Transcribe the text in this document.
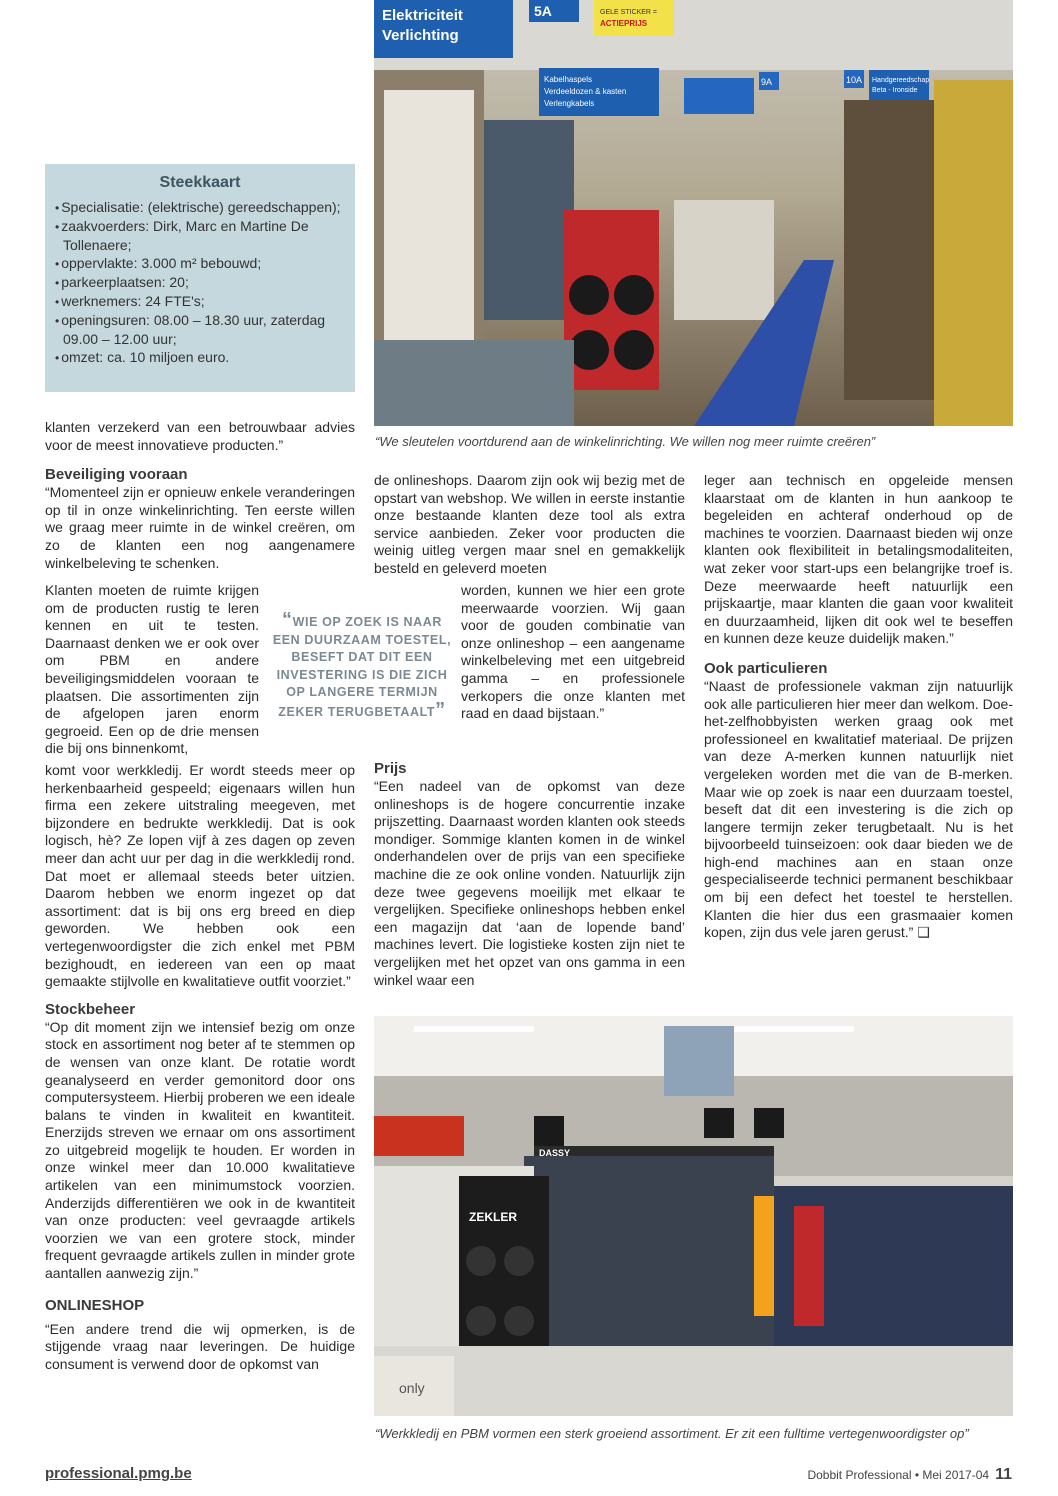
Elektriciteit
Verlichting
5A	GELE STICKER =
ACTIEPRIJS
Kabelhaspels
Verdeeldozen & kasten
Verlengkabels
9A	10A Handgereedschap
Beta - Ironside
“We sleutelen voortdurend aan de winkelinrichting. We willen nog meer ruimte creëren”
Steekkaart
• Specialisatie: (elektrische) gereedschappen);
• zaakvoerders: Dirk, Marc en Martine De Tollenaere;
• oppervlakte: 3.000 m² bebouwd;
• parkeerplaatsen: 20;
• werknemers: 24 FTE's;
• openingsuren: 08.00 – 18.30 uur, zaterdag 09.00 – 12.00 uur;
• omzet: ca. 10 miljoen euro.

klanten verzekerd van een betrouwbaar advies voor de meest innovatieve producten.”

Beveiliging vooraan

“Momenteel zijn er opnieuw enkele veranderingen op til in onze winkelinrichting. Ten eerste willen we graag meer ruimte in de winkel creëren, om zo de klanten een nog aangenamere winkelbeleving te schenken.

Klanten moeten de ruimte krijgen om de producten rustig te leren kennen en uit te testen. Daarnaast denken we er ook over om PBM en andere beveiligingsmiddelen vooraan te plaatsen. Die assortimenten zijn de afgelopen jaren enorm gegroeid. Een op de drie mensen die bij ons binnenkomt,

komt voor werkkledij. Er wordt steeds meer op herkenbaarheid gespeeld; eigenaars willen hun firma een zekere uitstraling meegeven, met bijzondere en bedrukte werkkledij. Dat is ook logisch, hè? Ze lopen vijf à zes dagen op zeven meer dan acht uur per dag in die werkkledij rond. Dat moet er allemaal steeds beter uitzien. Daarom hebben we enorm ingezet op dat assortiment: dat is bij ons erg breed en diep geworden. We hebben ook een vertegenwoordigster die zich enkel met PBM bezighoudt, en iedereen van een op maat gemaakte stijlvolle en kwalitatieve outfit voorziet.”

Stockbeheer

“Op dit moment zijn we intensief bezig om onze stock en assortiment nog beter af te stemmen op de wensen van onze klant. De rotatie wordt geanalyseerd en verder gemonitord door ons computersysteem. Hierbij proberen we een ideale balans te vinden in kwaliteit en kwantiteit. Enerzijds streven we ernaar om ons assortiment zo uitgebreid mogelijk te houden. Er worden in onze winkel meer dan 10.000 kwalitatieve artikelen van een minimumstock voorzien. Anderzijds differentiëren we ook in de kwantiteit van onze producten: veel gevraagde artikels voorzien we van een grotere stock, minder frequent gevraagde artikels zullen in minder grote aantallen aanwezig zijn.”

ONLINESHOP

“Een andere trend die wij opmerken, is de stijgende vraag naar leveringen. De huidige consument is verwend door de opkomst van

“WIE OP ZOEK IS NAAR EEN DUURZAAM TOESTEL, BESEFT DAT DIT EEN INVESTERING IS DIE ZICH OP LANGERE TERMIJN ZEKER TERUGBETAALT”

de onlineshops. Daarom zijn ook wij bezig met de opstart van webshop. We willen in eerste instantie onze bestaande klanten deze tool als extra service aanbieden. Zeker voor producten die weinig uitleg vergen maar snel en gemakkelijk besteld en geleverd moeten

worden, kunnen we hier een grote meerwaarde voorzien. Wij gaan voor de gouden combinatie van onze onlineshop – een aangename winkelbeleving met een uitgebreid gamma – en professionele verkopers die onze klanten met raad en daad bijstaan.”

Prijs

“Een nadeel van de opkomst van deze onlineshops is de hogere concurrentie inzake prijszetting. Daarnaast worden klanten ook steeds mondiger. Sommige klanten komen in de winkel onderhandelen over de prijs van een specifieke machine die ze ook online vonden. Natuurlijk zijn deze twee gegevens moeilijk met elkaar te vergelijken. Specifieke onlineshops hebben enkel een magazijn dat ‘aan de lopende band’ machines levert. Die logistieke kosten zijn niet te vergelijken met het opzet van ons gamma in een winkel waar een

leger aan technisch en opgeleide mensen klaarstaat om de klanten in hun aankoop te begeleiden en achteraf onderhoud op de machines te voorzien. Daarnaast bieden wij onze klanten ook flexibiliteit in betalingsmodaliteiten, wat zeker voor start-ups een belangrijke troef is. Deze meerwaarde heeft natuurlijk een prijskaartje, maar klanten die gaan voor kwaliteit en duurzaamheid, lijken dit ook wel te beseffen en kunnen deze keuze duidelijk maken.”

Ook particulieren

“Naast de professionele vakman zijn natuurlijk ook alle particulieren hier meer dan welkom. Doe-het-zelfhobbyisten werken graag ook met professioneel en kwalitatief materiaal. De prijzen van deze A-merken kunnen natuurlijk niet vergeleken worden met die van de B-merken. Maar wie op zoek is naar een duurzaam toestel, beseft dat dit een investering is die zich op langere termijn zeker terugbetaalt. Nu is het bijvoorbeeld tuinseizoen: ook daar bieden we de high-end machines aan en staan onze gespecialiseerde technici permanent beschikbaar om bij een defect het toestel te herstellen. Klanten die hier dus een grasmaaier komen kopen, zijn dus vele jaren gerust.” ❑

DASSY
ZEKLER
only
“Werkkledij en PBM vormen een sterk groeiend assortiment. Er zit een fulltime vertegenwoordigster op”
professional.pmg.be	Dobbit Professional • Mei 2017-04 11
